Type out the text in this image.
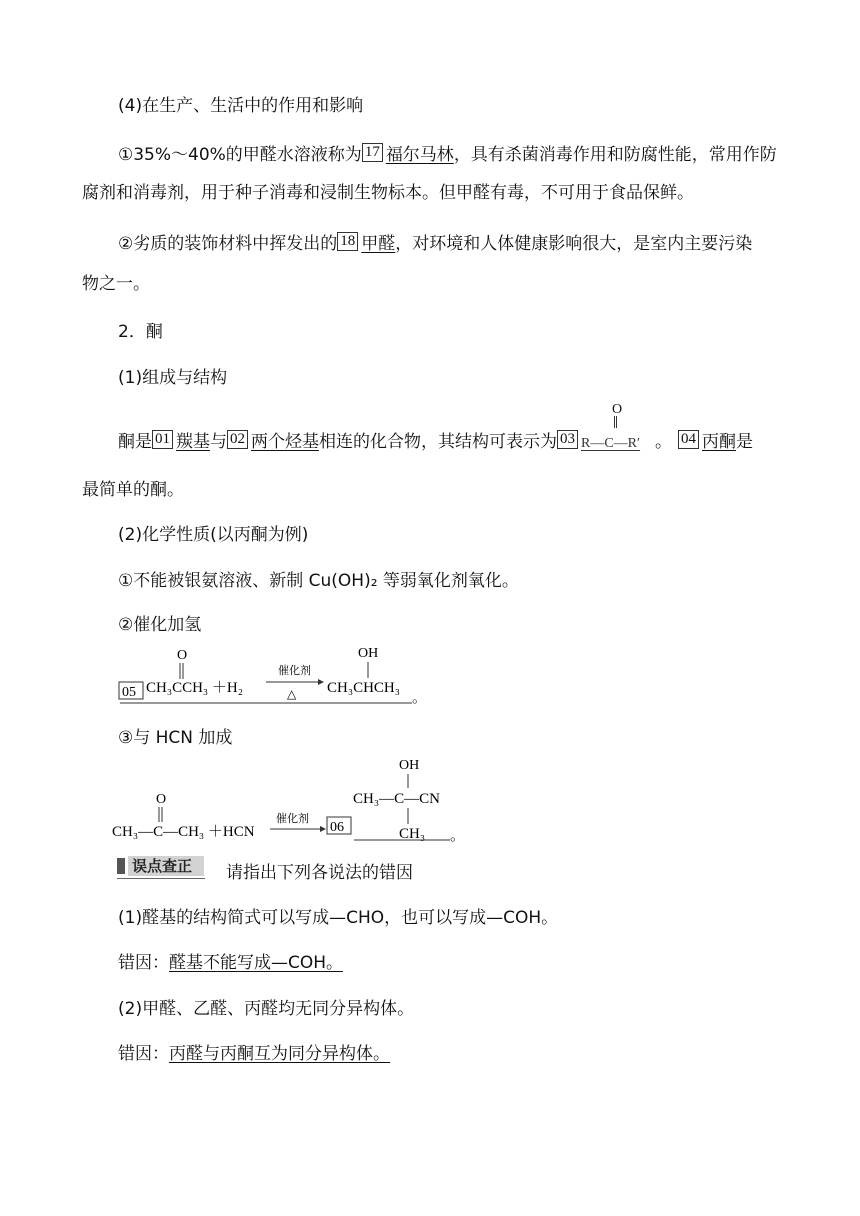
(4)在生产、生活中的作用和影响
①35%～40%的甲醛水溶液称为 17 福尔马林，具有杀菌消毒作用和防腐性能，常用作防
腐剂和消毒剂，用于种子消毒和浸制生物标本。但甲醛有毒，不可用于食品保鲜。
②劣质的装饰材料中挥发出的 18 甲醛，对环境和人体健康影响很大，是室内主要污染
物之一。
2．酮
(1)组成与结构
酮是 01 羰基与 02 两个烃基相连的化合物，其结构可表示为 03
O
R—C—R′ 。 04 丙酮是
最简单的酮。
(2)化学性质(以丙酮为例)
①不能被银氨溶液、新制 Cu(OH)₂ 等弱氧化剂氧化。
②催化加氢
05
O
CH₃CCH₃ ＋H₂
催化剂
△
OH
CH₃CHCH₃ 。
③与 HCN 加成
O
CH₃—C—CH₃ ＋HCN
催化剂
06
OH
CH₃—C—CN
CH₃ 。
误点查正 请指出下列各说法的错因
(1)醛基的结构简式可以写成—CHO，也可以写成—COH。
错因：醛基不能写成—COH。
(2)甲醛、乙醛、丙醛均无同分异构体。
错因：丙醛与丙酮互为同分异构体。
